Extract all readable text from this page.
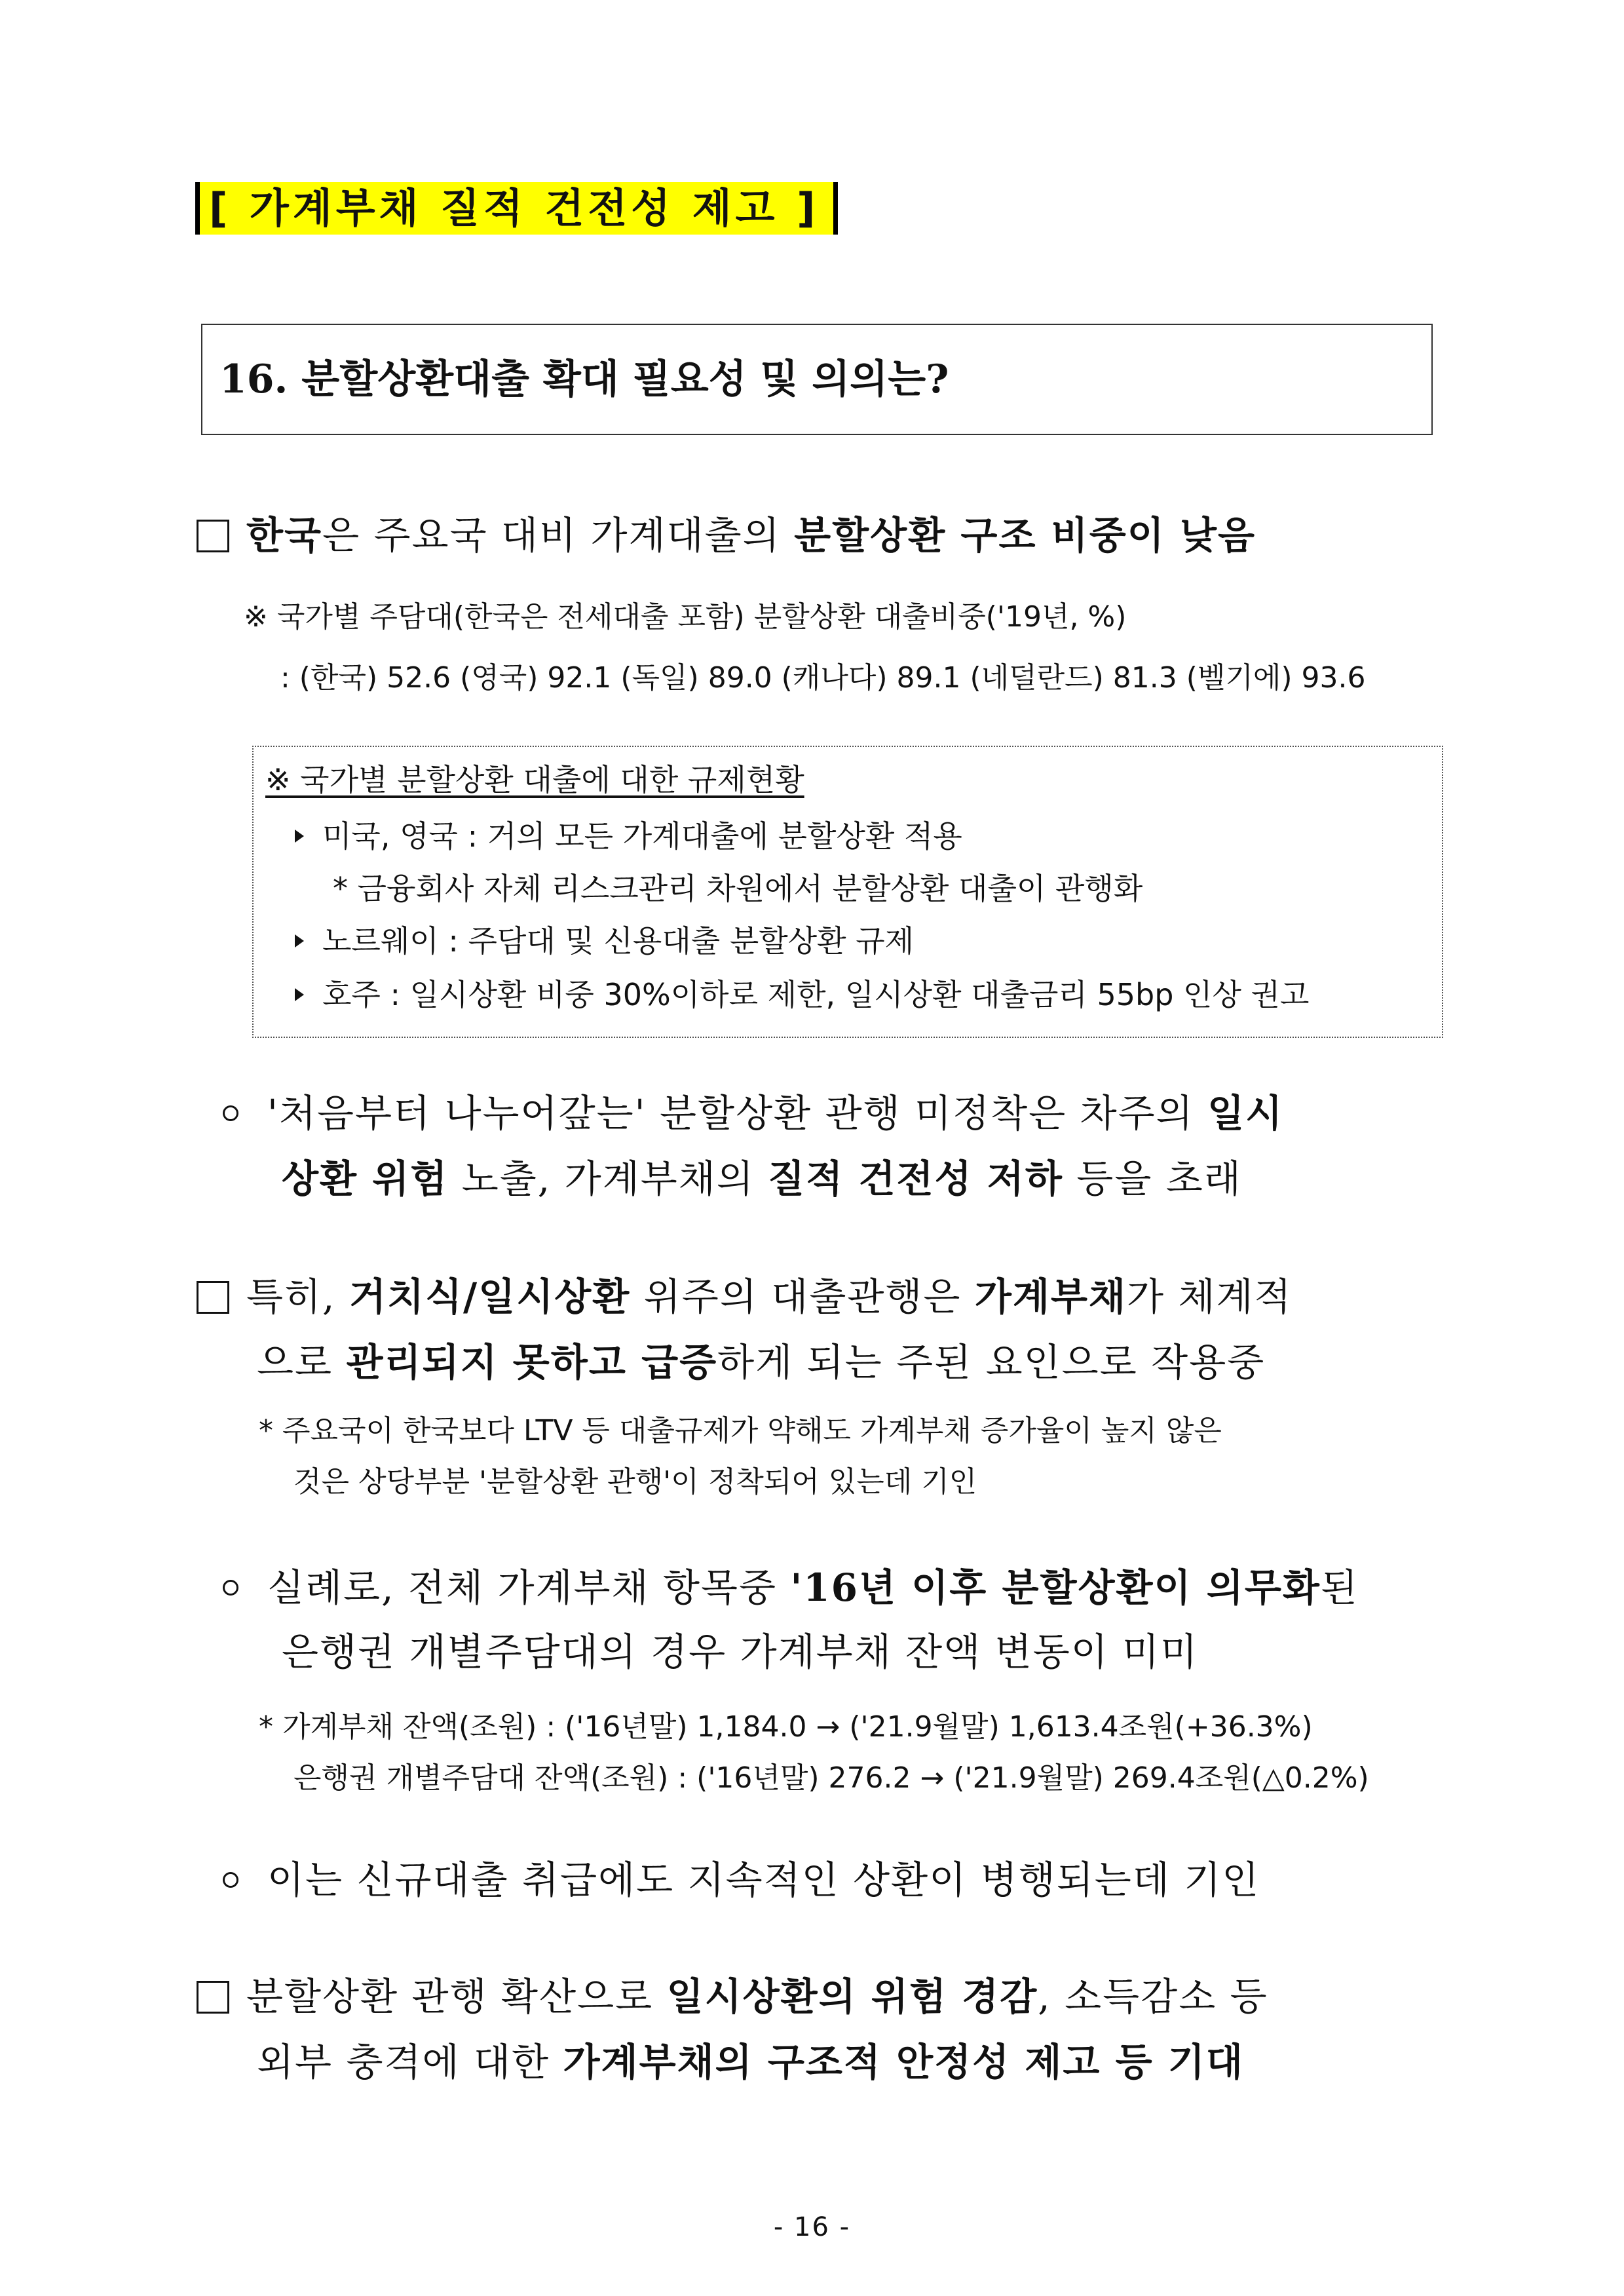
[ 가계부채 질적 건전성 제고 ]
16. 분할상환대출 확대 필요성 및 의의는?
한국은 주요국 대비 가계대출의 분할상환 구조 비중이 낮음
※ 국가별 주담대(한국은 전세대출 포함) 분할상환 대출비중('19년, %)
: (한국) 52.6 (영국) 92.1 (독일) 89.0 (캐나다) 89.1 (네덜란드) 81.3 (벨기에) 93.6
※ 국가별 분할상환 대출에 대한 규제현황
미국, 영국 : 거의 모든 가계대출에 분할상환 적용
* 금융회사 자체 리스크관리 차원에서 분할상환 대출이 관행화
노르웨이 : 주담대 및 신용대출 분할상환 규제
호주 : 일시상환 비중 30%이하로 제한, 일시상환 대출금리 55bp 인상 권고
'처음부터 나누어갚는' 분할상환 관행 미정착은 차주의 일시
상환 위험 노출, 가계부채의 질적 건전성 저하 등을 초래
특히, 거치식/일시상환 위주의 대출관행은 가계부채가 체계적
으로 관리되지 못하고 급증하게 되는 주된 요인으로 작용중
* 주요국이 한국보다 LTV 등 대출규제가 약해도 가계부채 증가율이 높지 않은
것은 상당부분 '분할상환 관행'이 정착되어 있는데 기인
실례로, 전체 가계부채 항목중 '16년 이후 분할상환이 의무화된
은행권 개별주담대의 경우 가계부채 잔액 변동이 미미
* 가계부채 잔액(조원) : ('16년말) 1,184.0 → ('21.9월말) 1,613.4조원(+36.3%)
은행권 개별주담대 잔액(조원) : ('16년말) 276.2 → ('21.9월말) 269.4조원(△0.2%)
이는 신규대출 취급에도 지속적인 상환이 병행되는데 기인
분할상환 관행 확산으로 일시상환의 위험 경감, 소득감소 등
외부 충격에 대한 가계부채의 구조적 안정성 제고 등 기대
- 16 -
